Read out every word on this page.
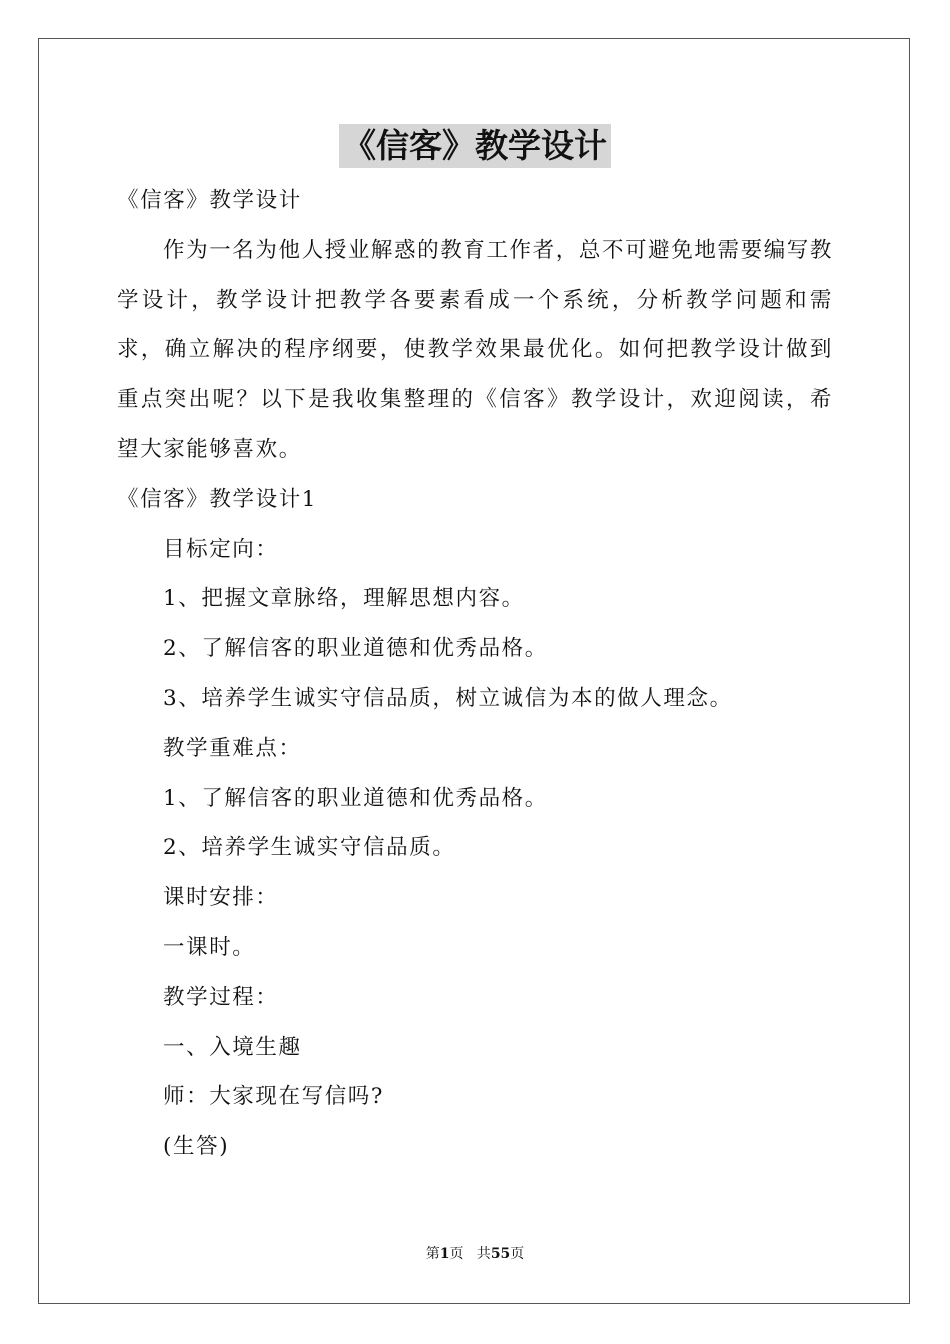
《信客》教学设计

《信客》教学设计

作为一名为他人授业解惑的教育工作者，总不可避免地需要编写教学设计，教学设计把教学各要素看成一个系统，分析教学问题和需求，确立解决的程序纲要，使教学效果最优化。如何把教学设计做到重点突出呢？以下是我收集整理的《信客》教学设计，欢迎阅读，希望大家能够喜欢。

《信客》教学设计1

目标定向：

1、把握文章脉络，理解思想内容。

2、了解信客的职业道德和优秀品格。

3、培养学生诚实守信品质，树立诚信为本的做人理念。

教学重难点：

1、了解信客的职业道德和优秀品格。

2、培养学生诚实守信品质。

课时安排：

一课时。

教学过程：

一、入境生趣

师：大家现在写信吗?

(生答)

第1页 共55页
